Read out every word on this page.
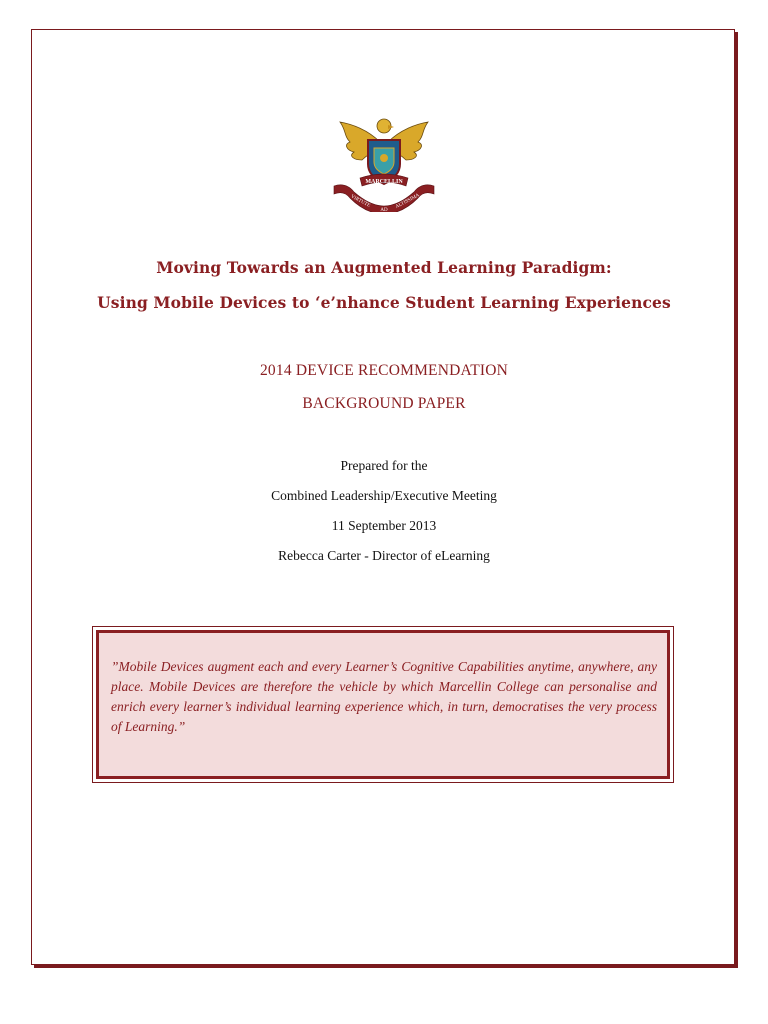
MARCELLIN
VIRTUTE
AD
ALTISSIMA
Moving Towards an Augmented Learning Paradigm:
Using Mobile Devices to ‘e’nhance Student Learning Experiences
2014 DEVICE RECOMMENDATION
BACKGROUND PAPER
Prepared for the
Combined Leadership/Executive Meeting
11 September 2013
Rebecca Carter - Director of eLearning

”Mobile Devices augment each and every Learner’s Cognitive Capabilities anytime, anywhere, any place. Mobile Devices are therefore the vehicle by which Marcellin College can personalise and enrich every learner’s individual learning experience which, in turn, democratises the very process of Learning.”
